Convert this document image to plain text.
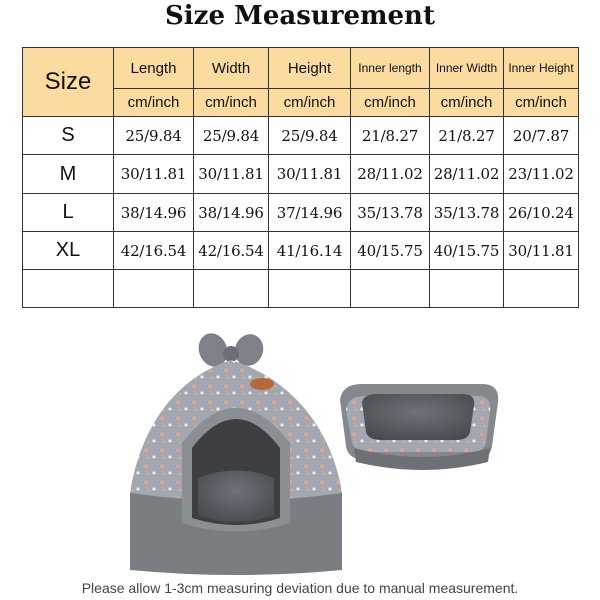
Size Measurement
Size	Length	Width	Height	Inner length	Inner Width	Inner Height
	cm/inch	cm/inch	cm/inch	cm/inch	cm/inch	cm/inch
S	25/9.84	25/9.84	25/9.84	21/8.27	21/8.27	20/7.87
M	30/11.81	30/11.81	30/11.81	28/11.02	28/11.02	23/11.02
L	38/14.96	38/14.96	37/14.96	35/13.78	35/13.78	26/10.24
XL	42/16.54	42/16.54	41/16.14	40/15.75	40/15.75	30/11.81

Please allow 1-3cm measuring deviation due to manual measurement.
